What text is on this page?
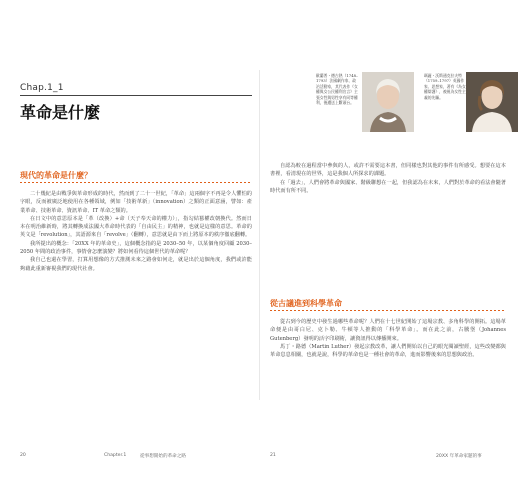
Chap.1_1
革命是什麼
現代的革命是什麼？

二十幾紀是由戰爭與革命形成的時代，然而到了二十一世紀，「革命」這兩個字不再是令人懼怕的字眼，反而被廣泛地使用在各種領域，例如「技術革新」（innovation）之類的正面意涵，譬如：產業革命、技術革命、資訊革命、IT 革命之類的。

在日文中的意思原本是「革（改換）+命（天子奉天命的權力）」，指勾結篡權改朝換代。然而日本在明治維新時，將其轉換成法國大革命時代表的「自由民主」的精神，也就是這樣的意思。革命的英文是「revolution」，其語源來自「revolve」（翻轉），意思就是由下而上將原本的秩序徹底翻轉。

我所提出的概念：「20XX 年的革命史」，這個概念指的是 2030–50 年，以某個角度回顧 2030–2050 年間的政治事件，事情會怎麼演變？將如何看待這個世代的革命呢？

我自己也還在學習，打算用想像的方式推測未來之路會如何走，就是出於這個角度，我們或許能夠藉此重新審視我們的現代社會。

20	Chapter.1	從事想開始的革命之路
歐蘭普・德古熱（1748–1793）法國劇作家、政治活動家，其代表作《女權與女公民權利宣言》主張女性與男性享有同等權利，後遭送上斷頭台。
瑪麗・沃斯通克拉夫特（1759–1797）英國作家、思想家，著有《為女權辯護》，被視為女性主義的先驅。

自認為較在過程當中參與的人，或許不需要這本書，但同樣也對其他的事件有所感受。想要在這本書裡，看清現在的世界，這是我個人所探求的課題。

在「過去」，人們會將革命與國家、階級聯想在一起，但我認為在未來，人們對於革命的看法會隨著時代而有所不同。

從古議進到科學革命

從古到今的歷史中發生過哪些革命呢？人們在十七世紀開始了這場宗教、多角科學的開拓。這場革命便是由哥白尼、克卜勒、牛頓等人推動的「科學革命」。而在此之前，古騰堡（Johannes Gutenberg）發明的活字印刷術，讓資訊得以傳播開來。

馬丁・路德（Martin Luther）發起宗教改革，讓人們開始以自己的眼光閱讀聖經，這些改變都與革命息息相關，也就是說，科學的革命也是一種社會的革命，進而影響後來的思想與政治。

21	20XX 年革命家題的事
